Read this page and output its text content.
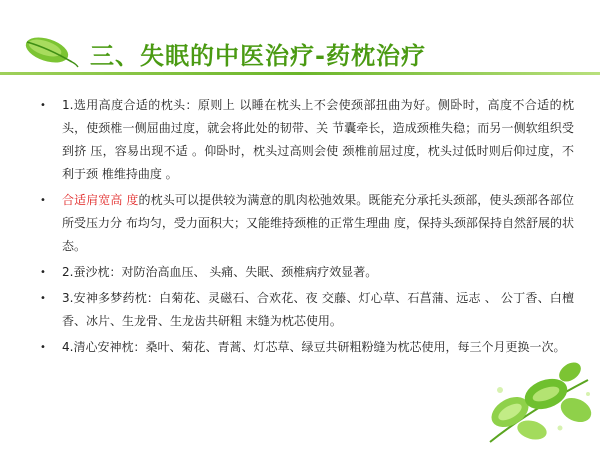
三、失眠的中医治疗-药枕治疗
• 1.选用高度合适的枕头：原则上 以睡在枕头上不会使颈部扭曲为好。侧卧时，高度不合适的枕 头，使颈椎一侧屈曲过度，就会将此处的韧带、关 节囊牵长，造成颈椎失稳；而另一侧软组织受到挤 压，容易出现不适 。仰卧时，枕头过高则会使 颈椎前屈过度，枕头过低时则后仰过度，不利于颈 椎维持曲度 。
• 合适肩宽高 度的枕头可以提供较为满意的肌肉松弛效果。既能充分承托头颈部，使头颈部各部位所受压力分 布均匀，受力面积大；又能维持颈椎的正常生理曲 度，保持头颈部保持自然舒展的状态。
• 2.蚕沙枕：对防治高血压、 头痛、失眠、颈椎病疗效显著。
• 3.安神多梦药枕：白菊花、灵磁石、合欢花、夜 交藤、灯心草、石菖蒲、远志 、 公丁香、白檀香、冰片、生龙骨、生龙齿共研粗 末缝为枕芯使用。
• 4.清心安神枕：桑叶、菊花、青蒿、灯芯草、绿豆共研粗粉缝为枕芯使用，每三个月更换一次。
